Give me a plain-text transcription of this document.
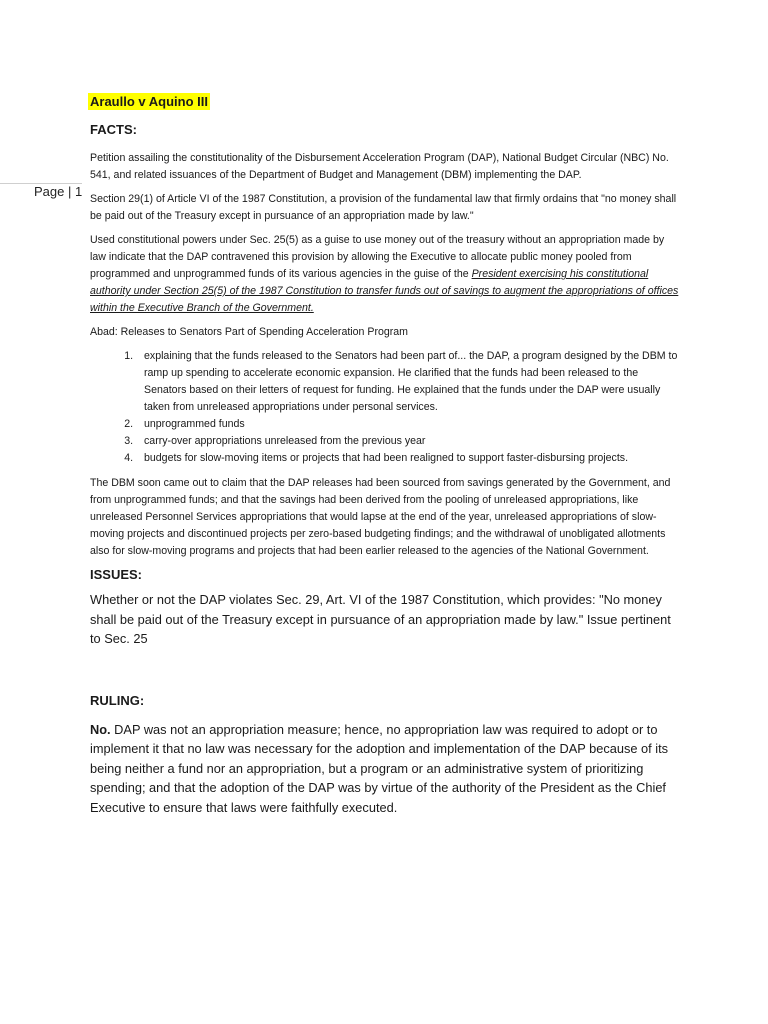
Page | 1
Araullo v Aquino III
FACTS:

Petition assailing the constitutionality of the Disbursement Acceleration Program (DAP), National Budget Circular (NBC) No. 541, and related issuances of the Department of Budget and Management (DBM) implementing the DAP.

Section 29(1) of Article VI of the 1987 Constitution, a provision of the fundamental law that firmly ordains that "no money shall be paid out of the Treasury except in pursuance of an appropriation made by law."

Used constitutional powers under Sec. 25(5) as a guise to use money out of the treasury without an appropriation made by law indicate that the DAP contravened this provision by allowing the Executive to allocate public money pooled from programmed and unprogrammed funds of its various agencies in the guise of the President exercising his constitutional authority under Section 25(5) of the 1987 Constitution to transfer funds out of savings to augment the appropriations of offices within the Executive Branch of the Government.

Abad: Releases to Senators Part of Spending Acceleration Program

1. explaining that the funds released to the Senators had been part of... the DAP, a program designed by the DBM to ramp up spending to accelerate economic expansion. He clarified that the funds had been released to the Senators based on their letters of request for funding. He explained that the funds under the DAP were usually taken from unreleased appropriations under personal services.
2. unprogrammed funds
3. carry-over appropriations unreleased from the previous year
4. budgets for slow-moving items or projects that had been realigned to support faster-disbursing projects.

The DBM soon came out to claim that the DAP releases had been sourced from savings generated by the Government, and from unprogrammed funds; and that the savings had been derived from the pooling of unreleased appropriations, like unreleased Personnel Services appropriations that would lapse at the end of the year, unreleased appropriations of slow-moving projects and discontinued projects per zero-based budgeting findings; and the withdrawal of unobligated allotments also for slow-moving programs and projects that had been earlier released to the agencies of the National Government.

ISSUES:

Whether or not the DAP violates Sec. 29, Art. VI of the 1987 Constitution, which provides: "No money shall be paid out of the Treasury except in pursuance of an appropriation made by law." Issue pertinent to Sec. 25

RULING:

No. DAP was not an appropriation measure; hence, no appropriation law was required to adopt or to implement it that no law was necessary for the adoption and implementation of the DAP because of its being neither a fund nor an appropriation, but a program or an administrative system of prioritizing spending; and that the adoption of the DAP was by virtue of the authority of the President as the Chief Executive to ensure that laws were faithfully executed.
